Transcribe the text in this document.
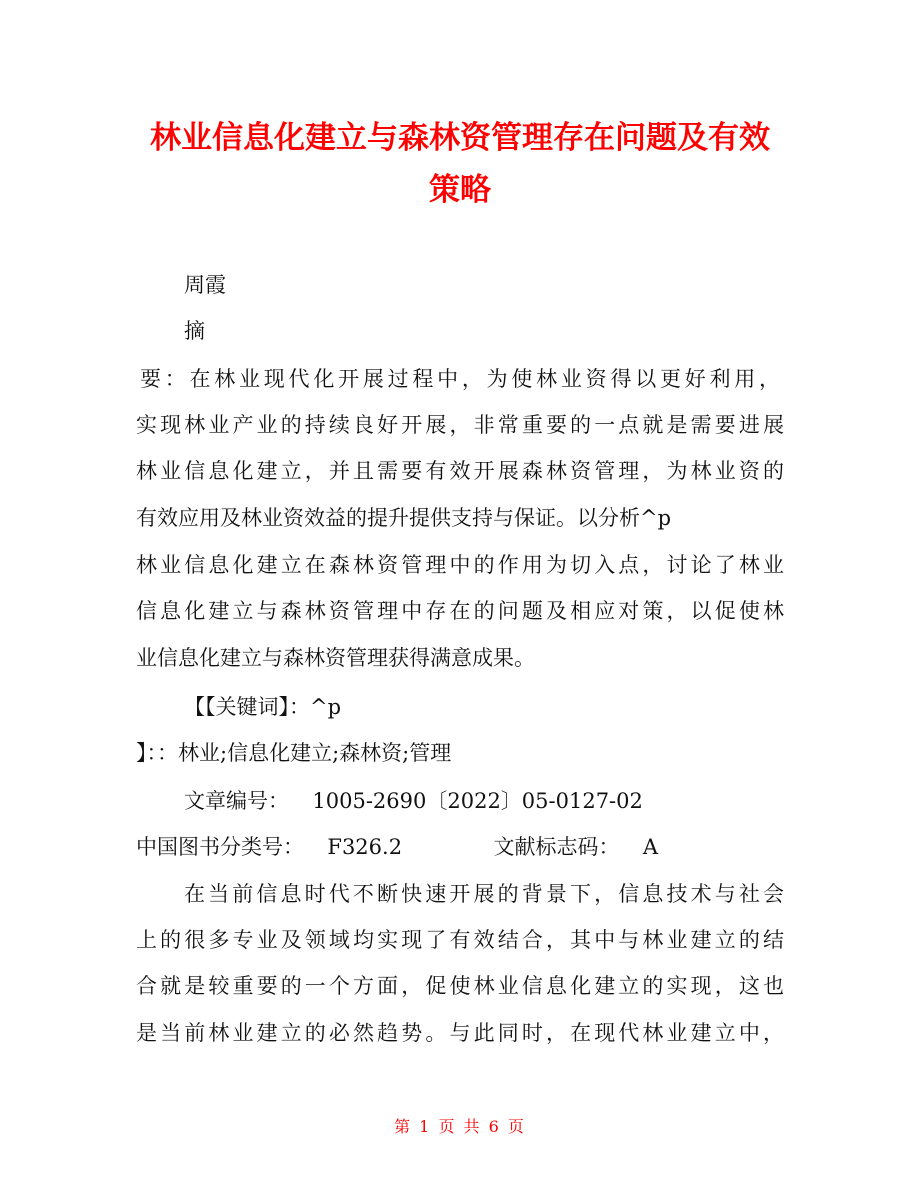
林业信息化建立与森林资管理存在问题及有效
策略
周霞
摘
要：在林业现代化开展过程中，为使林业资得以更好利用，
实现林业产业的持续良好开展，非常重要的一点就是需要进展
林业信息化建立，并且需要有效开展森林资管理，为林业资的
有效应用及林业资效益的提升提供支持与保证。以分析^p
林业信息化建立在森林资管理中的作用为切入点，讨论了林业
信息化建立与森林资管理中存在的问题及相应对策，以促使林
业信息化建立与森林资管理获得满意成果。
【【关键词】：^p
】：：林业;信息化建立;森林资;管理
文章编号： 1005-2690〔2022〕05-0127-02
中国图书分类号： F326.2	文献标志码： A
在当前信息时代不断快速开展的背景下，信息技术与社会
上的很多专业及领域均实现了有效结合，其中与林业建立的结
合就是较重要的一个方面，促使林业信息化建立的实现，这也
是当前林业建立的必然趋势。与此同时，在现代林业建立中，
第 1 页 共 6 页
